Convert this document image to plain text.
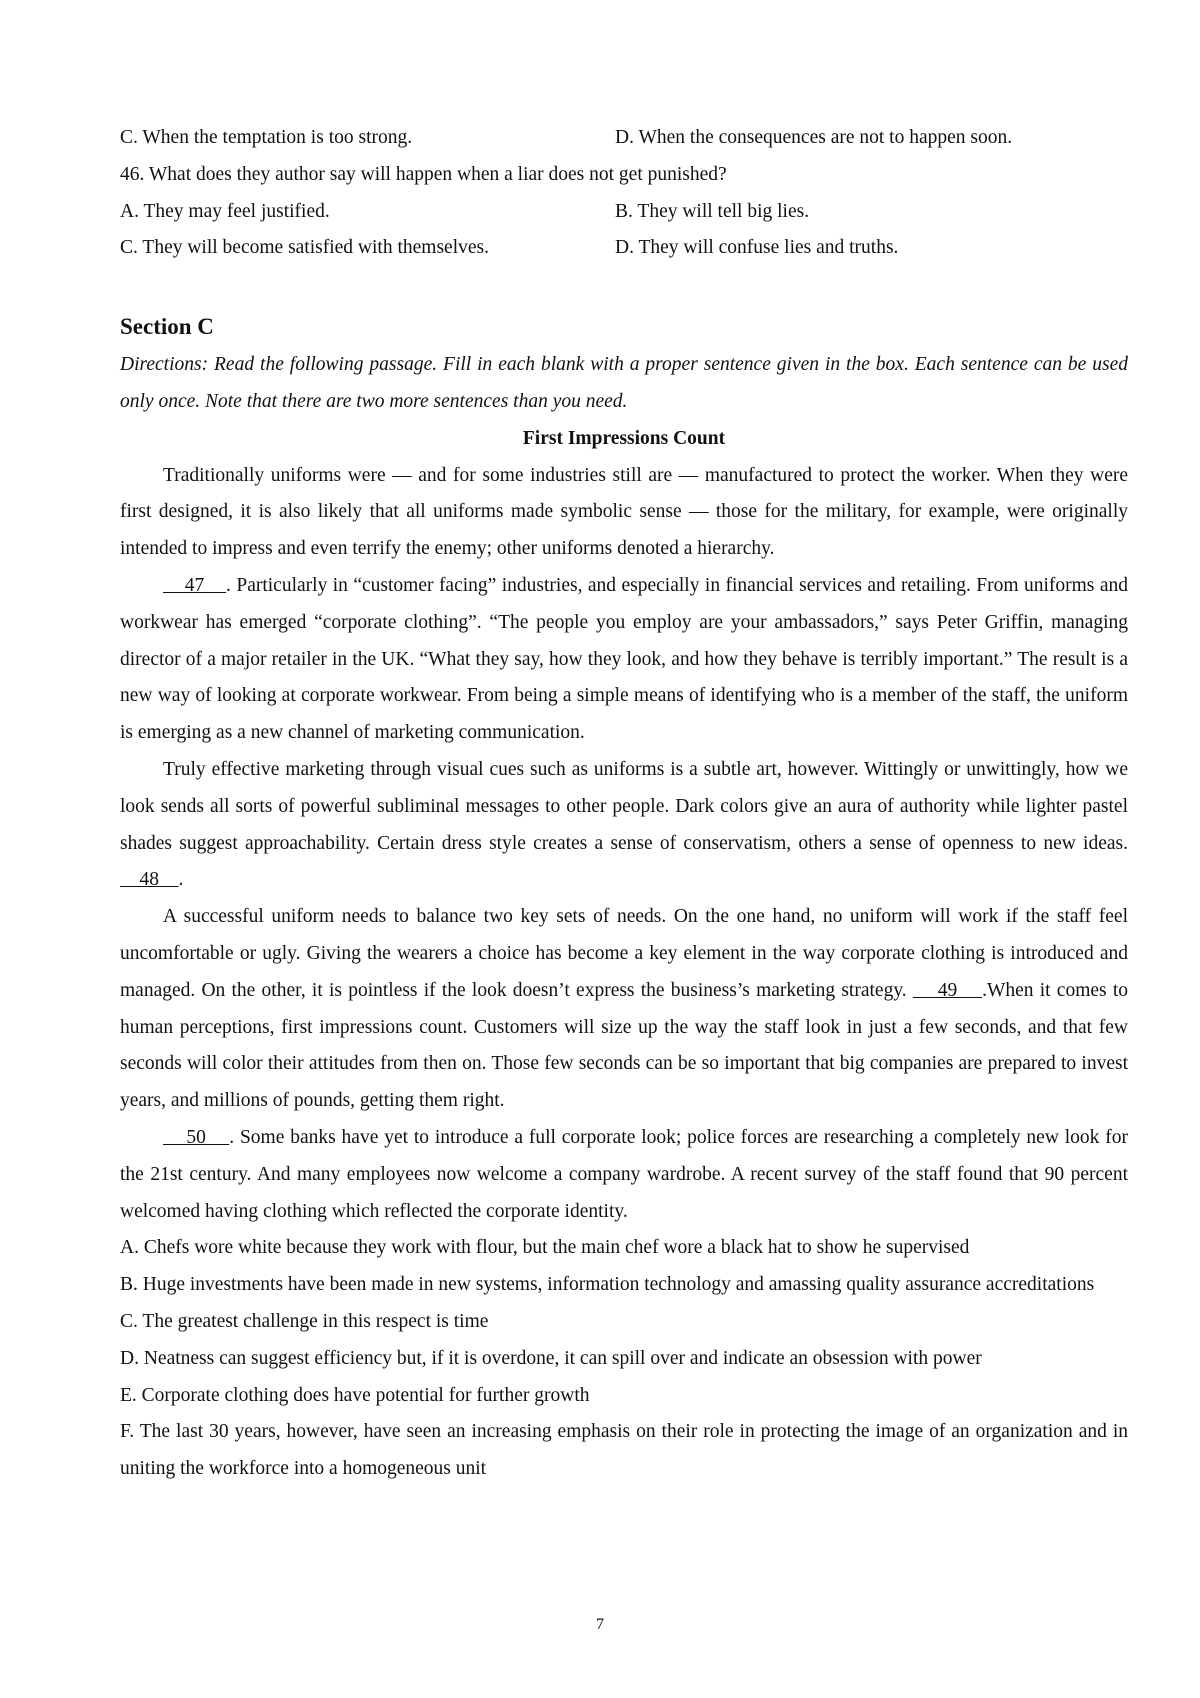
C. When the temptation is too strong.	D. When the consequences are not to happen soon.
46. What does they author say will happen when a liar does not get punished?
A. They may feel justified.	B. They will tell big lies.
C. They will become satisfied with themselves.	D. They will confuse lies and truths.
Section C
Directions: Read the following passage. Fill in each blank with a proper sentence given in the box. Each sentence can be used only once. Note that there are two more sentences than you need.
First Impressions Count

Traditionally uniforms were — and for some industries still are — manufactured to protect the worker. When they were first designed, it is also likely that all uniforms made symbolic sense — those for the military, for example, were originally intended to impress and even terrify the enemy; other uniforms denoted a hierarchy.

47    . Particularly in “customer facing” industries, and especially in financial services and retailing. From uniforms and workwear has emerged “corporate clothing”. “The people you employ are your ambassadors,” says Peter Griffin, managing director of a major retailer in the UK. “What they say, how they look, and how they behave is terribly important.” The result is a new way of looking at corporate workwear. From being a simple means of identifying who is a member of the staff, the uniform is emerging as a new channel of marketing communication.

Truly effective marketing through visual cues such as uniforms is a subtle art, however. Wittingly or unwittingly, how we look sends all sorts of powerful subliminal messages to other people. Dark colors give an aura of authority while lighter pastel shades suggest approachability. Certain dress style creates a sense of conservatism, others a sense of openness to new ideas.     48    .

A successful uniform needs to balance two key sets of needs. On the one hand, no uniform will work if the staff feel uncomfortable or ugly. Giving the wearers a choice has become a key element in the way corporate clothing is introduced and managed. On the other, it is pointless if the look doesn’t express the business’s marketing strategy.     49    .When it comes to human perceptions, first impressions count. Customers will size up the way the staff look in just a few seconds, and that few seconds will color their attitudes from then on. Those few seconds can be so important that big companies are prepared to invest years, and millions of pounds, getting them right.

50    . Some banks have yet to introduce a full corporate look; police forces are researching a completely new look for the 21st century. And many employees now welcome a company wardrobe. A recent survey of the staff found that 90 percent welcomed having clothing which reflected the corporate identity.

A. Chefs wore white because they work with flour, but the main chef wore a black hat to show he supervised

B. Huge investments have been made in new systems, information technology and amassing quality assurance accreditations

C. The greatest challenge in this respect is time

D. Neatness can suggest efficiency but, if it is overdone, it can spill over and indicate an obsession with power

E. Corporate clothing does have potential for further growth

F. The last 30 years, however, have seen an increasing emphasis on their role in protecting the image of an organization and in uniting the workforce into a homogeneous unit

7
